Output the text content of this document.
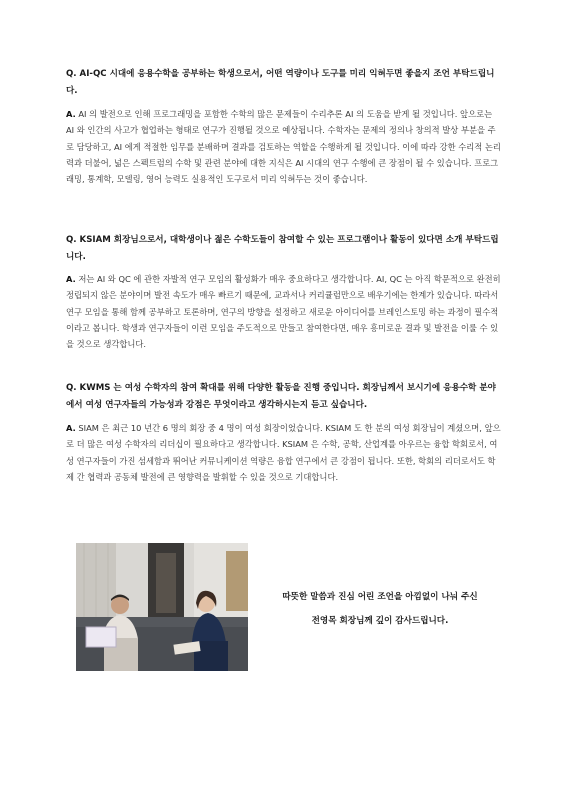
Q. AI-QC 시대에 응용수학을 공부하는 학생으로서, 어떤 역량이나 도구를 미리 익혀두면 좋을지 조언 부탁드립니다.

A. AI 의 발전으로 인해 프로그래밍을 포함한 수학의 많은 문제들이 수리추론 AI 의 도움을 받게 될 것입니다. 앞으로는 AI 와 인간의 사고가 협업하는 형태로 연구가 진행될 것으로 예상됩니다. 수학자는 문제의 정의나 창의적 발상 부분을 주로 담당하고, AI 에게 적절한 임무를 분배하며 결과를 검토하는 역할을 수행하게 될 것입니다. 이에 따라 강한 수리적 논리력과 더불어, 넓은 스펙트럼의 수학 및 관련 분야에 대한 지식은 AI 시대의 연구 수행에 큰 장점이 될 수 있습니다. 프로그래밍, 통계학, 모델링, 영어 능력도 실용적인 도구로서 미리 익혀두는 것이 좋습니다.

Q. KSIAM 회장님으로서, 대학생이나 젊은 수학도들이 참여할 수 있는 프로그램이나 활동이 있다면 소개 부탁드립니다.

A. 저는 AI 와 QC 에 관한 자발적 연구 모임의 활성화가 매우 중요하다고 생각합니다. AI, QC 는 아직 학문적으로 완전히 정립되지 않은 분야이며 발전 속도가 매우 빠르기 때문에, 교과서나 커리큘럼만으로 배우기에는 한계가 있습니다. 따라서 연구 모임을 통해 함께 공부하고 토론하며, 연구의 방향을 설정하고 새로운 아이디어를 브레인스토밍 하는 과정이 필수적이라고 봅니다. 학생과 연구자들이 이런 모임을 주도적으로 만들고 참여한다면, 매우 흥미로운 결과 및 발전을 이룰 수 있을 것으로 생각합니다.

Q. KWMS 는 여성 수학자의 참여 확대를 위해 다양한 활동을 진행 중입니다. 회장님께서 보시기에 응용수학 분야에서 여성 연구자들의 가능성과 강점은 무엇이라고 생각하시는지 듣고 싶습니다.

A. SIAM 은 최근 10 년간 6 명의 회장 중 4 명이 여성 회장이었습니다. KSIAM 도 한 분의 여성 회장님이 계셨으며, 앞으로 더 많은 여성 수학자의 리더십이 필요하다고 생각합니다. KSIAM 은 수학, 공학, 산업계를 아우르는 융합 학회로서, 여성 연구자들이 가진 섬세함과 뛰어난 커뮤니케이션 역량은 융합 연구에서 큰 강점이 됩니다. 또한, 학회의 리더로서도 학제 간 협력과 공동체 발전에 큰 영향력을 발휘할 수 있을 것으로 기대합니다.

따뜻한 말씀과 진심 어린 조언을 아낌없이 나눠 주신

전영목 회장님께 깊이 감사드립니다.
